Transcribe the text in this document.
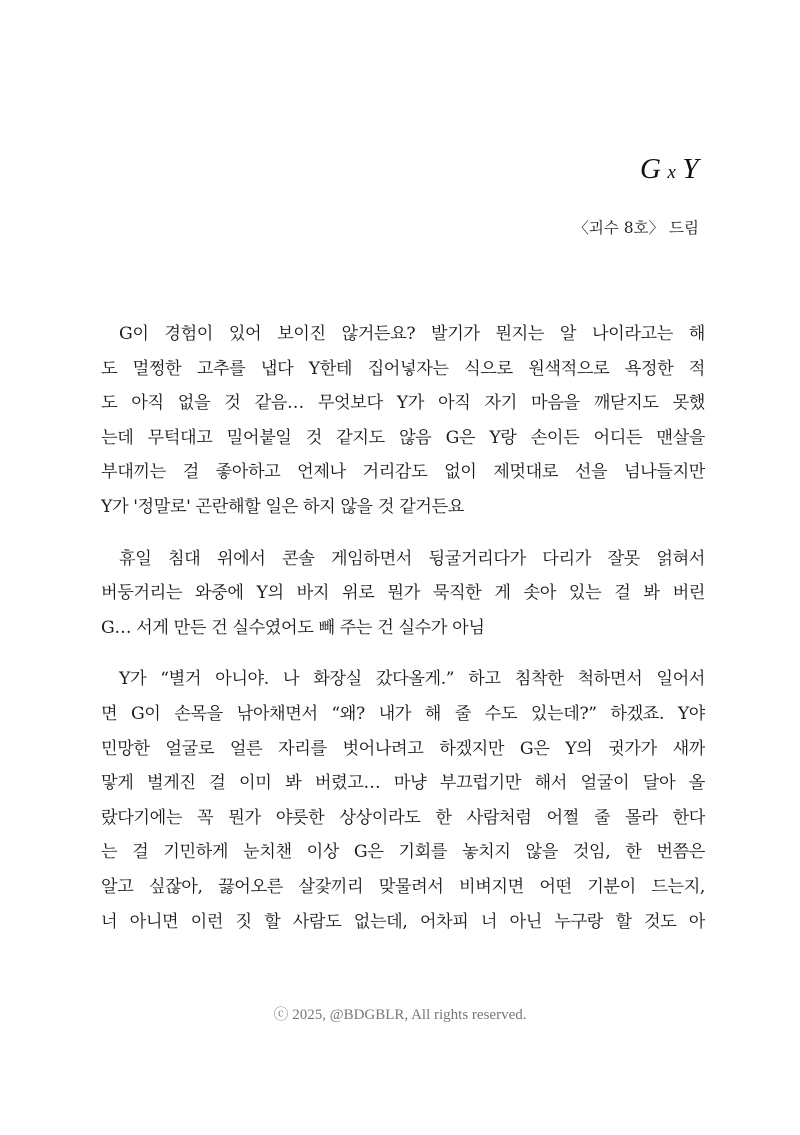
Gx Y
〈괴수 8호〉 드림
G이 경험이 있어 보이진 않거든요? 발기가 뭔지는 알 나이라고는 해
도 멀쩡한 고추를 냅다 Y한테 집어넣자는 식으로 원색적으로 욕정한 적
도 아직 없을 것 같음… 무엇보다 Y가 아직 자기 마음을 깨닫지도 못했
는데 무턱대고 밀어붙일 것 같지도 않음 G은 Y랑 손이든 어디든 맨살을
부대끼는 걸 좋아하고 언제나 거리감도 없이 제멋대로 선을 넘나들지만
Y가 '정말로' 곤란해할 일은 하지 않을 것 같거든요
휴일 침대 위에서 콘솔 게임하면서 뒹굴거리다가 다리가 잘못 얽혀서
버둥거리는 와중에 Y의 바지 위로 뭔가 묵직한 게 솟아 있는 걸 봐 버린
G… 서게 만든 건 실수였어도 빼 주는 건 실수가 아님
Y가 “별거 아니야. 나 화장실 갔다올게.” 하고 침착한 척하면서 일어서
면 G이 손목을 낚아채면서 “왜? 내가 해 줄 수도 있는데?” 하겠죠. Y야
민망한 얼굴로 얼른 자리를 벗어나려고 하겠지만 G은 Y의 귓가가 새까
맣게 벌게진 걸 이미 봐 버렸고… 마냥 부끄럽기만 해서 얼굴이 달아 올
랐다기에는 꼭 뭔가 야릇한 상상이라도 한 사람처럼 어쩔 줄 몰라 한다
는 걸 기민하게 눈치챈 이상 G은 기회를 놓치지 않을 것임, 한 번쯤은
알고 싶잖아, 끓어오른 살갗끼리 맞물려서 비벼지면 어떤 기분이 드는지,
너 아니면 이런 짓 할 사람도 없는데, 어차피 너 아닌 누구랑 할 것도 아
ⓒ 2025, @BDGBLR, All rights reserved.
